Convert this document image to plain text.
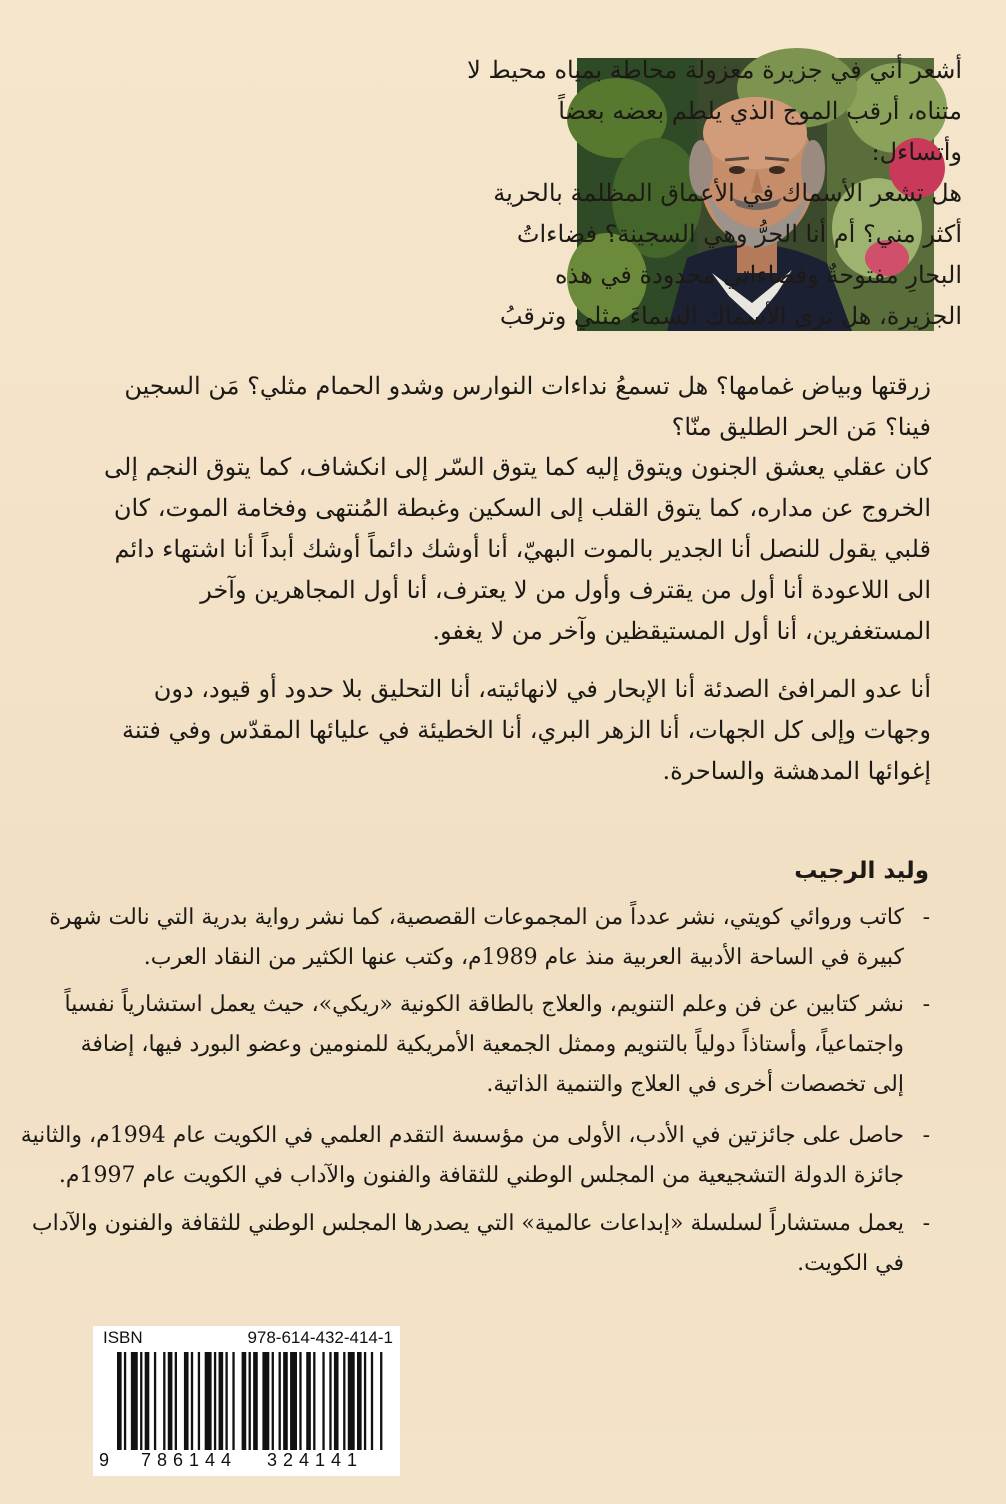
أشعر أني في جزيرة معزولة محاطة بمياه محيط لا
متناه، أرقب الموج الذي يلطم بعضه بعضاً
وأتساءل:
هل تشعر الأسماك في الأعماق المظلمة بالحرية
أكثر مني؟ أم أنا الحرُّ وهي السجينة؟ فضاءاتُ
البحارِ مفتوحةٌ وفضاءاتي محدودة في هذه
الجزيرة، هل ترى الأسماك السماءَ مثلي وترقبُ
زرقتها وبياض غمامها؟ هل تسمعُ نداءات النوارس وشدو الحمام مثلي؟ مَن السجين
فينا؟ مَن الحر الطليق منّا؟
كان عقلي يعشق الجنون ويتوق إليه كما يتوق السّر إلى انكشاف، كما يتوق النجم إلى
الخروج عن مداره، كما يتوق القلب إلى السكين وغبطة المُنتهى وفخامة الموت، كان
قلبي يقول للنصل أنا الجدير بالموت البهيّ، أنا أوشك دائماً أوشك أبداً أنا اشتهاء دائم
الى اللاعودة أنا أول من يقترف وأول من لا يعترف، أنا أول المجاهرين وآخر
المستغفرين، أنا أول المستيقظين وآخر من لا يغفو.
أنا عدو المرافئ الصدئة أنا الإبحار في لانهائيته، أنا التحليق بلا حدود أو قيود، دون
وجهات وإلى كل الجهات، أنا الزهر البري، أنا الخطيئة في عليائها المقدّس وفي فتنة
إغوائها المدهشة والساحرة.
وليد الرجيب
-
كاتب وروائي كويتي، نشر عدداً من المجموعات القصصية، كما نشر رواية بدرية التي نالت شهرة
كبيرة في الساحة الأدبية العربية منذ عام 1989م، وكتب عنها الكثير من النقاد العرب.
-
نشر كتابين عن فن وعلم التنويم، والعلاج بالطاقة الكونية «ريكي»، حيث يعمل استشارياً نفسياً
واجتماعياً، وأستاذاً دولياً بالتنويم وممثل الجمعية الأمريكية للمنومين وعضو البورد فيها، إضافة
إلى تخصصات أخرى في العلاج والتنمية الذاتية.
-
حاصل على جائزتين في الأدب، الأولى من مؤسسة التقدم العلمي في الكويت عام 1994م، والثانية
جائزة الدولة التشجيعية من المجلس الوطني للثقافة والفنون والآداب في الكويت عام 1997م.
-
يعمل مستشاراً لسلسلة «إبداعات عالمية» التي يصدرها المجلس الوطني للثقافة والفنون والآداب
في الكويت.
ISBN	978-614-432-414-1
9 786144 324141
